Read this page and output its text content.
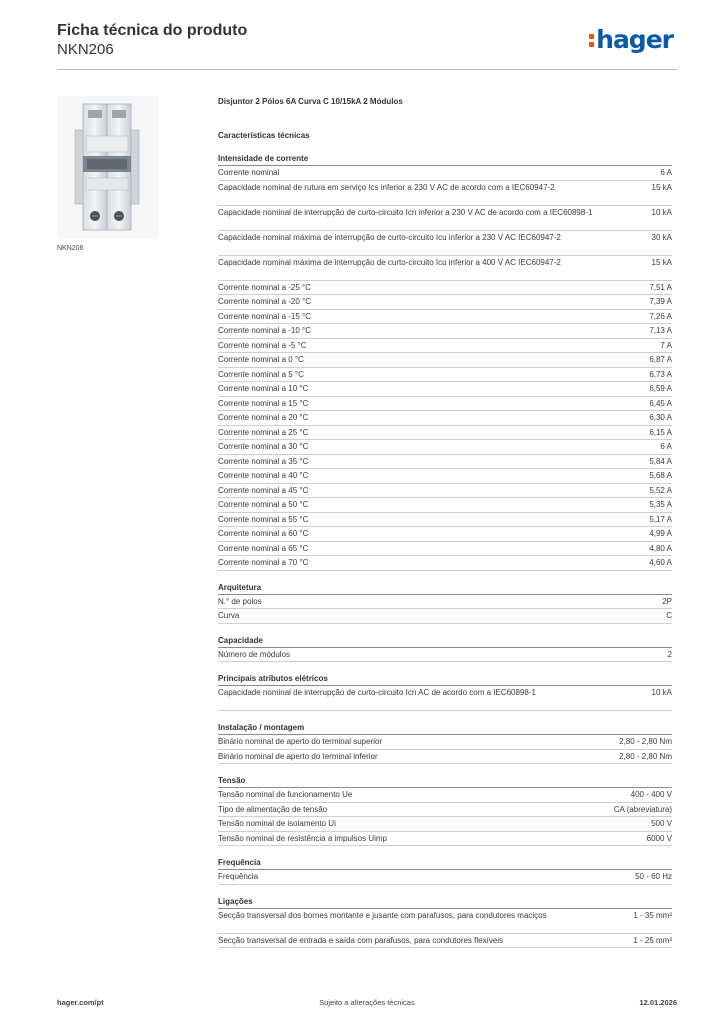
Ficha técnica do produto
NKN206	hager
NKN206
Disjuntor 2 Pólos 6A Curva C 10/15kA 2 Módulos
Características técnicas
Intensidade de corrente
Corrente nominal	6 A
Capacidade nominal de rutura em serviço Ics inferior a 230 V AC de acordo com a IEC60947-2	15 kA
Capacidade nominal de interrupção de curto-circuito Icn inferior a 230 V AC de acordo com a IEC60898-1	10 kA
Capacidade nominal máxima de interrupção de curto-circuito Icu inferior a 230 V AC IEC60947-2	30 kA
Capacidade nominal máxima de interrupção de curto-circuito Icu inferior a 400 V AC IEC60947-2	15 kA
Corrente nominal a -25 °C	7,51 A
Corrente nominal a -20 °C	7,39 A
Corrente nominal a -15 °C	7,26 A
Corrente nominal a -10 °C	7,13 A
Corrente nominal a -5 °C	7 A
Corrente nominal a 0 °C	6,87 A
Corrente nominal a 5 °C	6,73 A
Corrente nominal a 10 °C	6,59 A
Corrente nominal a 15 °C	6,45 A
Corrente nominal a 20 °C	6,30 A
Corrente nominal a 25 °C	6,15 A
Corrente nominal a 30 °C	6 A
Corrente nominal a 35 °C	5,84 A
Corrente nominal a 40 °C	5,68 A
Corrente nominal a 45 °C	5,52 A
Corrente nominal a 50 °C	5,35 A
Corrente nominal a 55 °C	5,17 A
Corrente nominal a 60 °C	4,99 A
Corrente nominal a 65 °C	4,80 A
Corrente nominal a 70 °C	4,60 A
Arquitetura
N.° de polos	2P
Curva	C
Capacidade
Número de módulos	2
Principais atributos elétricos
Capacidade nominal de interrupção de curto-circuito Icn AC de acordo com a IEC60898-1	10 kA
Instalação / montagem
Binário nominal de aperto do terminal superior	2,80 - 2,80 Nm
Binário nominal de aperto do terminal inferior	2,80 - 2,80 Nm
Tensão
Tensão nominal de funcionamento Ue	400 - 400 V
Tipo de alimentação de tensão	CA (abreviatura)
Tensão nominal de isolamento Ui	500 V
Tensão nominal de resistência a impulsos Uimp	6000 V
Frequência
Frequência	50 - 60 Hz
Ligações
Secção transversal dos bornes montante e jusante com parafusos, para condutores maciços	1 - 35 mm²
Secção transversal de entrada e saída com parafusos, para condutores flexíveis	1 - 25 mm²
hager.com/pt	Sujeito a alterações técnicas	12.01.2026
